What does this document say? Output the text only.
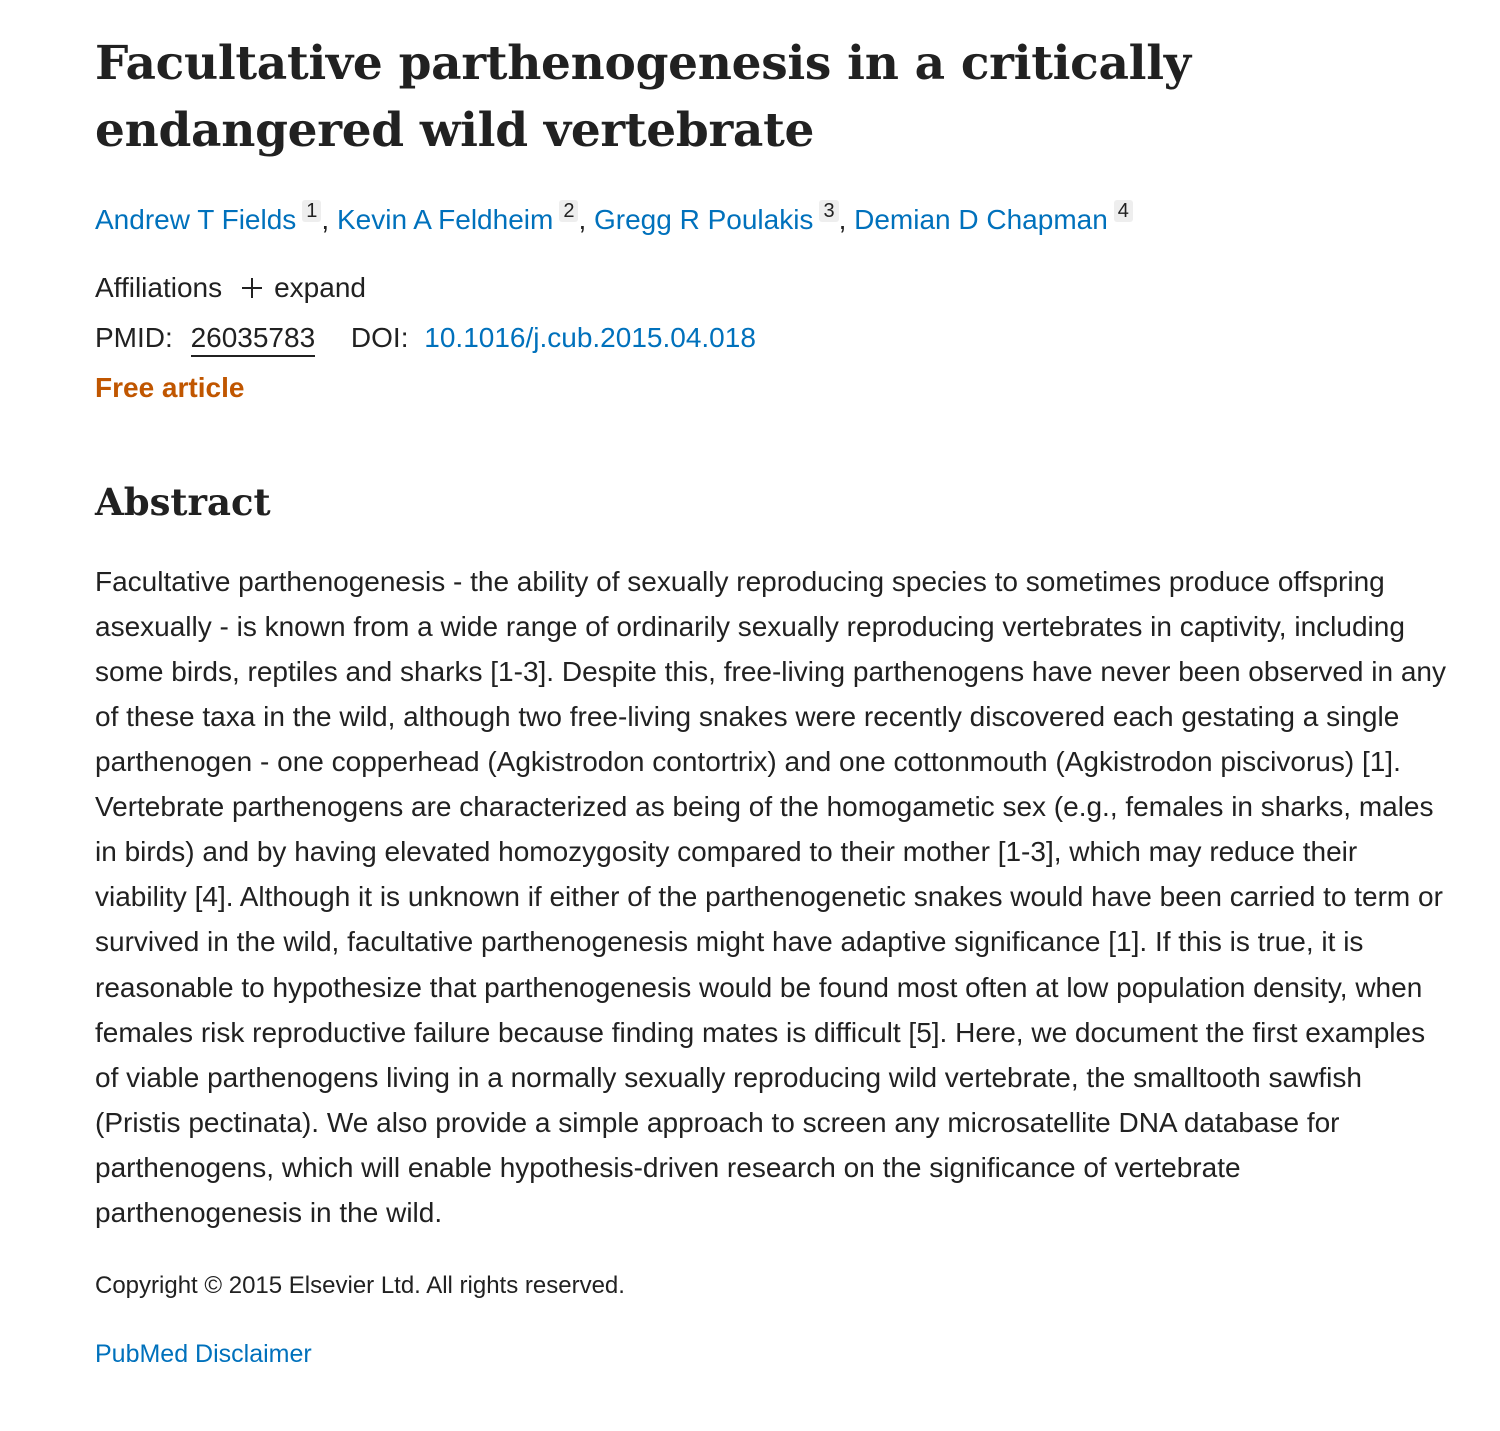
Facultative parthenogenesis in a critically endangered wild vertebrate
Andrew T Fields 1 , Kevin A Feldheim 2 , Gregg R Poulakis 3 , Demian D Chapman 4
Affiliations expand
PMID: 26035783 DOI: 10.1016/j.cub.2015.04.018
Free article
Abstract
Facultative parthenogenesis - the ability of sexually reproducing species to sometimes produce offspring asexually - is known from a wide range of ordinarily sexually reproducing vertebrates in captivity, including some birds, reptiles and sharks [1-3]. Despite this, free-living parthenogens have never been observed in any of these taxa in the wild, although two free-living snakes were recently discovered each gestating a single parthenogen - one copperhead (Agkistrodon contortrix) and one cottonmouth (Agkistrodon piscivorus) [1]. Vertebrate parthenogens are characterized as being of the homogametic sex (e.g., females in sharks, males in birds) and by having elevated homozygosity compared to their mother [1-3], which may reduce their viability [4]. Although it is unknown if either of the parthenogenetic snakes would have been carried to term or survived in the wild, facultative parthenogenesis might have adaptive significance [1]. If this is true, it is reasonable to hypothesize that parthenogenesis would be found most often at low population density, when females risk reproductive failure because finding mates is difficult [5]. Here, we document the first examples of viable parthenogens living in a normally sexually reproducing wild vertebrate, the smalltooth sawfish (Pristis pectinata). We also provide a simple approach to screen any microsatellite DNA database for parthenogens, which will enable hypothesis-driven research on the significance of vertebrate parthenogenesis in the wild.
Copyright © 2015 Elsevier Ltd. All rights reserved.
PubMed Disclaimer
